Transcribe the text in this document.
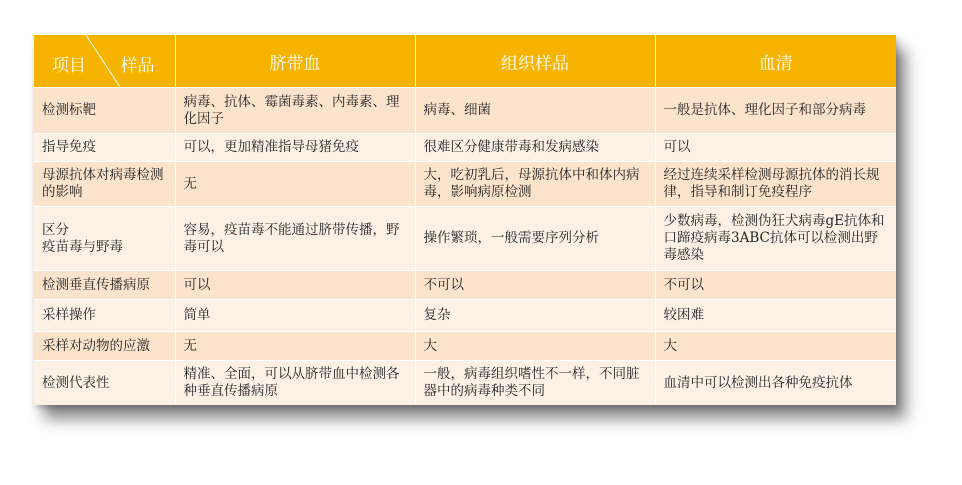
项目 样品	脐带血	组织样品	血清
检测标靶	病毒、抗体、霉菌毒素、内毒素、理化因子	病毒、细菌	一般是抗体、理化因子和部分病毒
指导免疫	可以，更加精准指导母猪免疫	很难区分健康带毒和发病感染	可以
母源抗体对病毒检测的影响	无	大，吃初乳后，母源抗体中和体内病毒，影响病原检测	经过连续采样检测母源抗体的消长规律，指导和制订免疫程序
区分
疫苗毒与野毒	容易，疫苗毒不能通过脐带传播，野毒可以	操作繁琐，一般需要序列分析	少数病毒，检测伪狂犬病毒gE抗体和口蹄疫病毒3ABC抗体可以检测出野毒感染
检测垂直传播病原	可以	不可以	不可以
采样操作	简单	复杂	较困难
采样对动物的应激	无	大	大
检测代表性	精准、全面，可以从脐带血中检测各种垂直传播病原	一般，病毒组织嗜性不一样，不同脏器中的病毒种类不同	血清中可以检测出各种免疫抗体
